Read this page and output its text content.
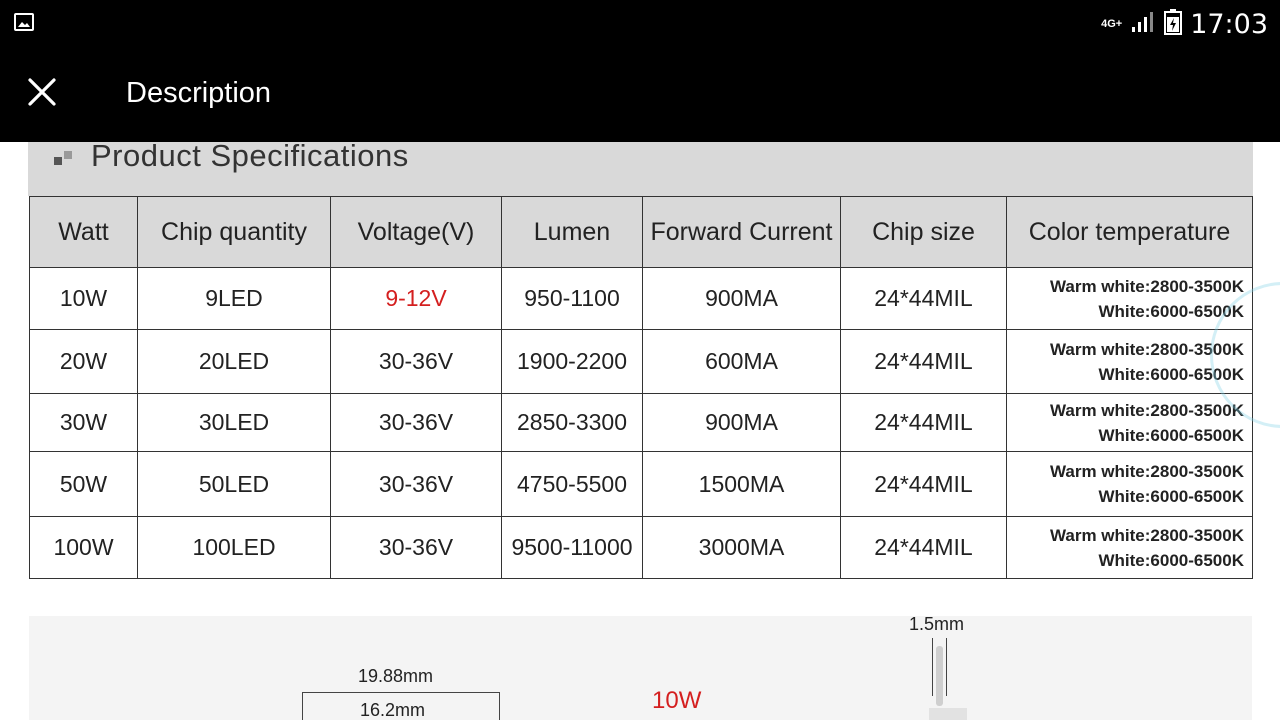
4G+	17:03
Description
Product Specifications
Watt	Chip quantity	Voltage(V)	Lumen	Forward Current	Chip size	Color temperature
10W	9LED	9-12V	950-1100	900MA	24*44MIL	Warm white:2800-3500K
White:6000-6500K

20W	20LED	30-36V	1900-2200	600MA	24*44MIL	Warm white:2800-3500K
White:6000-6500K

30W	30LED	30-36V	2850-3300	900MA	24*44MIL	Warm white:2800-3500K
White:6000-6500K

50W	50LED	30-36V	4750-5500	1500MA	24*44MIL	Warm white:2800-3500K
White:6000-6500K

100W	100LED	30-36V	9500-11000	3000MA	24*44MIL	Warm white:2800-3500K
White:6000-6500K
19.88mm
16.2mm	10W
1.5mm
